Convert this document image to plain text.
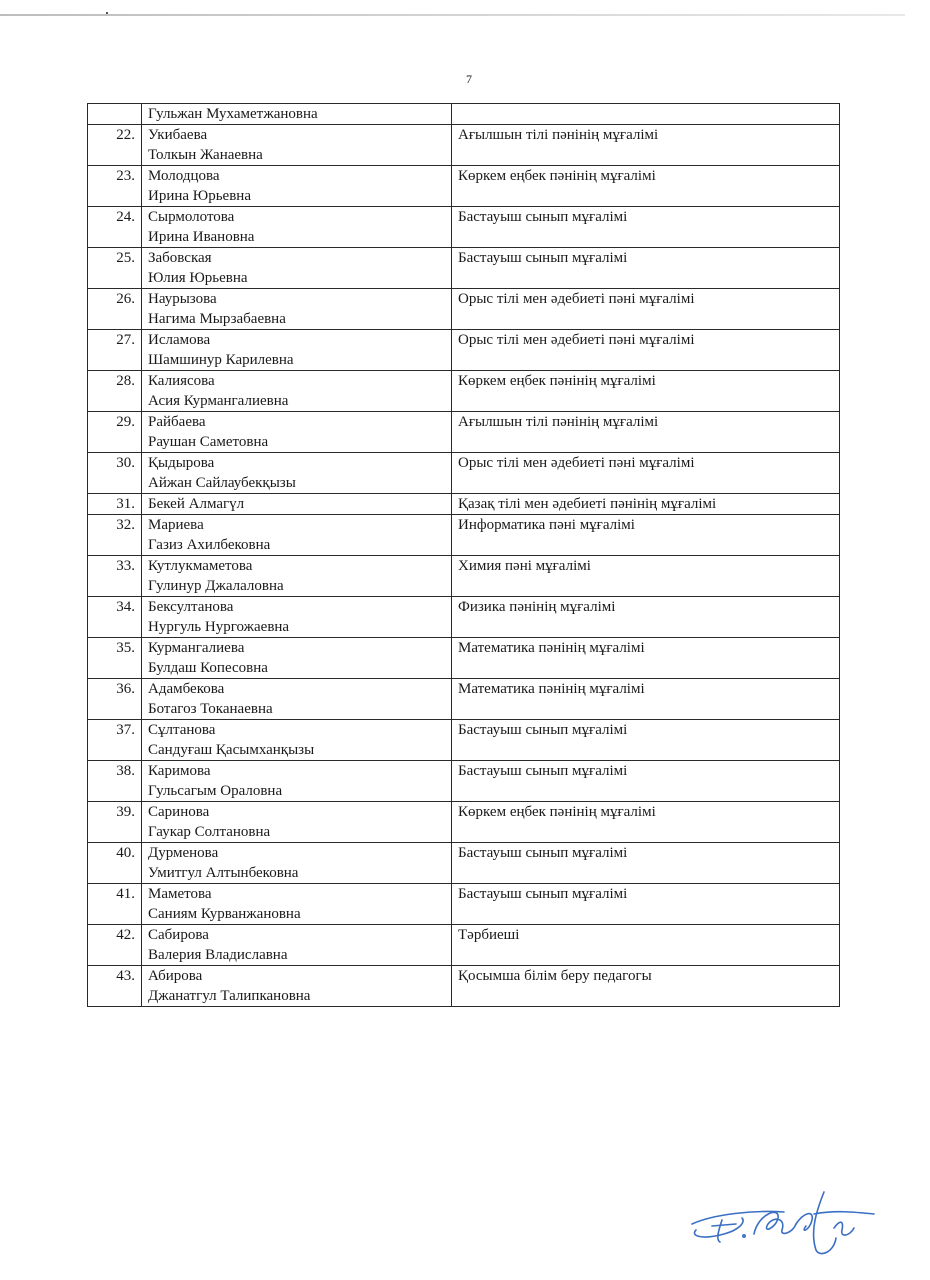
7

	Гульжан Мухаметжановна	

22.	Укибаева
Толкын Жанаевна	Ағылшын тілі пәнінің мұғалімі
23.	Молодцова
Ирина Юрьевна	Көркем еңбек пәнінің мұғалімі
24.	Сырмолотова
Ирина Ивановна	Бастауыш сынып мұғалімі
25.	Забовская
Юлия Юрьевна	Бастауыш сынып мұғалімі
26.	Наурызова
Нагима Мырзабаевна	Орыс тілі мен әдебиеті пәні мұғалімі
27.	Исламова
Шамшинур Карилевна	Орыс тілі мен әдебиеті пәні мұғалімі
28.	Калиясова
Асия Курмангалиевна	Көркем еңбек пәнінің мұғалімі
29.	Райбаева
Раушан Саметовна	Ағылшын тілі пәнінің мұғалімі
30.	Қыдырова
Айжан Сайлаубекқызы	Орыс тілі мен әдебиеті пәні мұғалімі
31.	Бекей Алмагүл	Қазақ тілі мен әдебиеті пәнінің мұғалімі
32.	Мариева
Газиз Ахилбековна	Информатика пәні мұғалімі
33.	Кутлукмаметова
Гулинур Джалаловна	Химия пәні мұғалімі
34.	Бексултанова
Нургуль Нургожаевна	Физика пәнінің мұғалімі
35.	Курмангалиева
Булдаш Копесовна	Математика пәнінің мұғалімі
36.	Адамбекова
Ботагоз Токанаевна	Математика пәнінің мұғалімі
37.	Сұлтанова
Сандуғаш Қасымханқызы	Бастауыш сынып мұғалімі
38.	Каримова
Гульсагым Ораловна	Бастауыш сынып мұғалімі
39.	Саринова
Гаукар Солтановна	Көркем еңбек пәнінің мұғалімі
40.	Дурменова
Умитгул Алтынбековна	Бастауыш сынып мұғалімі
41.	Маметова
Саниям Курванжановна	Бастауыш сынып мұғалімі
42.	Сабирова
Валерия Владиславна	Тәрбиеші
43.	Абирова
Джанатгул Талипкановна	Қосымша білім беру педагогы
